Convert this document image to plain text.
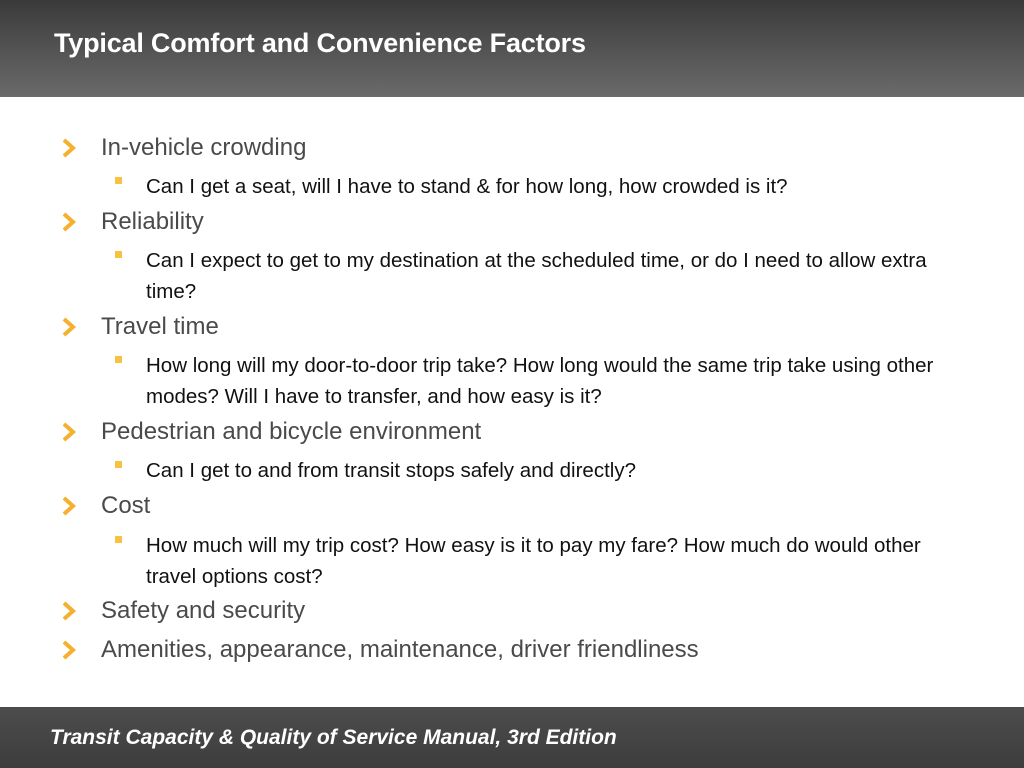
Typical Comfort and Convenience Factors
In-vehicle crowding
Can I get a seat, will I have to stand & for how long, how crowded is it?
Reliability
Can I expect to get to my destination at the scheduled time, or do I need to allow extra time?
Travel time
How long will my door-to-door trip take? How long would the same trip take using other modes? Will I have to transfer, and how easy is it?
Pedestrian and bicycle environment
Can I get to and from transit stops safely and directly?
Cost
How much will my trip cost? How easy is it to pay my fare? How much do would other travel options cost?
Safety and security
Amenities, appearance, maintenance, driver friendliness
Transit Capacity & Quality of Service Manual, 3rd Edition
